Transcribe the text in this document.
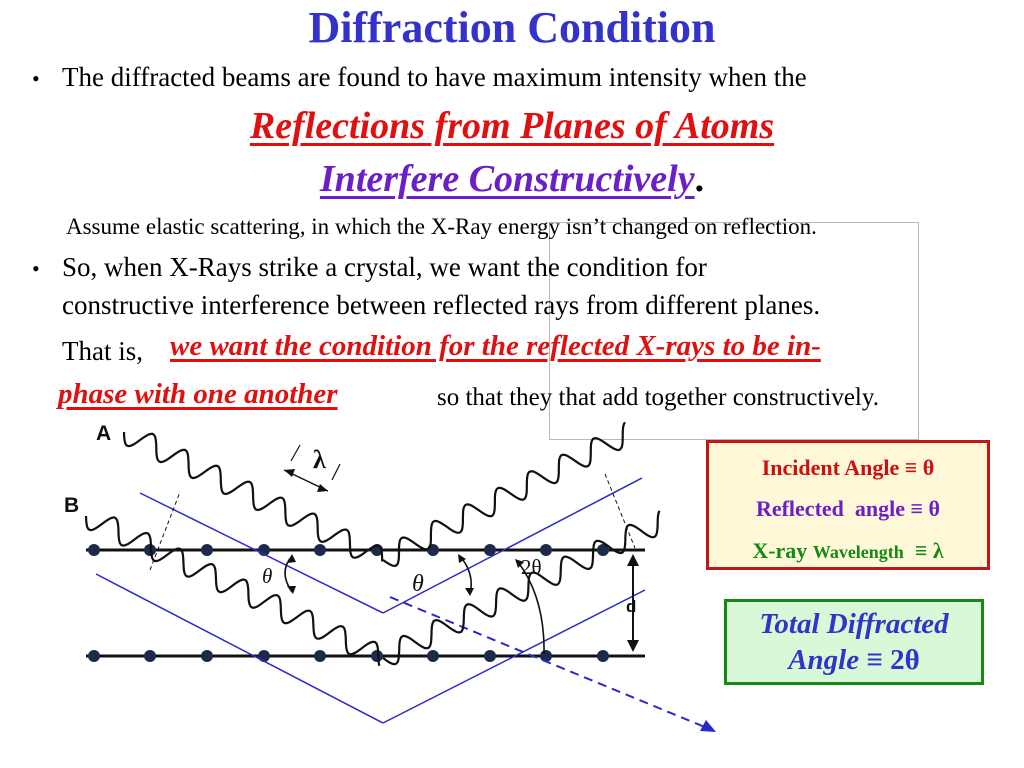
Diffraction Condition
• The diffracted beams are found to have maximum intensity when the
Reflections from Planes of Atoms
Interfere Constructively.
Assume elastic scattering, in which the X-Ray energy isn’t changed on reflection.
• So, when X-Rays strike a crystal, we want the condition for
constructive interference between reflected rays from different planes.
That is, we want the condition for the reflected X-rays to be in-
phase with one another	so that they that add together constructively.
A
B
λ
θ	θ
2θ
d
Incident Angle ≡ θ
Reflected  angle ≡ θ
X-ray Wavelength ≡ λ
Total Diffracted
Angle ≡ 2θ
